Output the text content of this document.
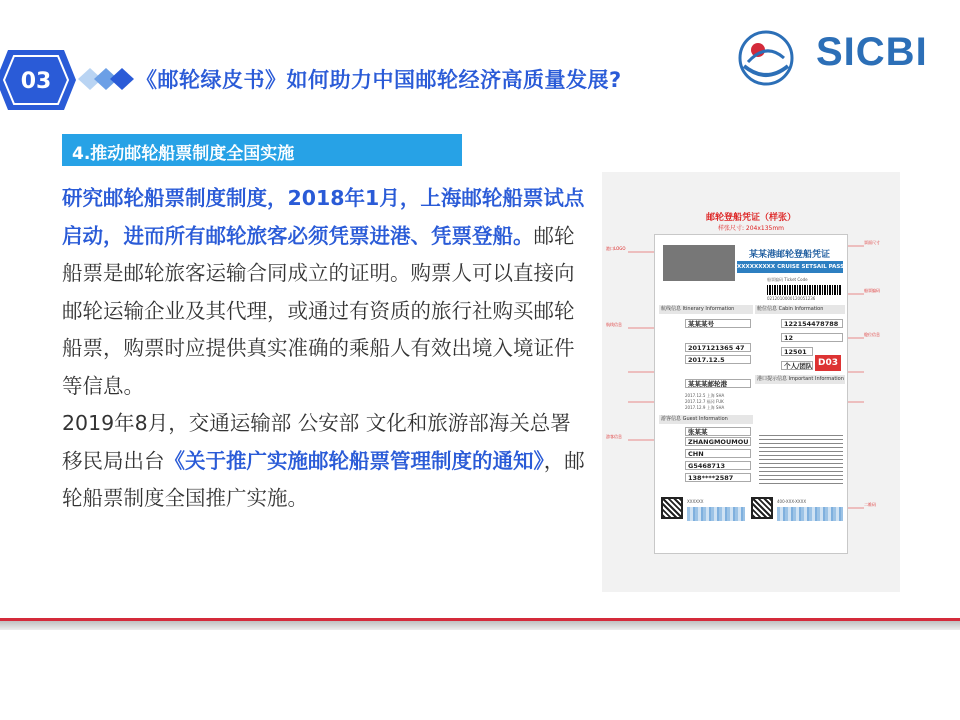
03	《邮轮绿皮书》如何助力中国邮轮经济高质量发展?
SICBI
4.推动邮轮船票制度全国实施
研究邮轮船票制度制度，2018年1月，上海邮轮船票试点启动，进而所有邮轮旅客必须凭票进港、凭票登船。邮轮船票是邮轮旅客运输合同成立的证明。购票人可以直接向邮轮运输企业及其代理，或通过有资质的旅行社购买邮轮船票，购票时应提供真实准确的乘船人有效出境入境证件等信息。
2019年8月，交通运输部 公安部 文化和旅游部海关总署 移民局出台《关于推广实施邮轮船票管理制度的通知》，邮轮船票制度全国推广实施。
邮轮登船凭证（样张）
样张尺寸: 204x135mm
港口LOGO
航线信息
游客信息
票面尺寸
船票编码
舱位信息
二维码
某某港邮轮登船凭证
XXXXXXXXX CRUISE SETSAIL PASS
船票编码 Ticket Code
0212010000120051236
航线信息 Itinerary Information	舱位信息 Cabin Information
某某某号
2017121365 47
2017.12.5
某某某邮轮港
122154478788
12
12501
个人/团队 D03
港口提示信息 Important Information
2017.12.5 上海 SHA
2017.12.7 福冈 FUK
2017.12.9 上海 SHA
游客信息 Guest Information
张某某
ZHANGMOUMOU
CHN
G5468713
138****2587
XXXXXX	400-XXX-XXXX
